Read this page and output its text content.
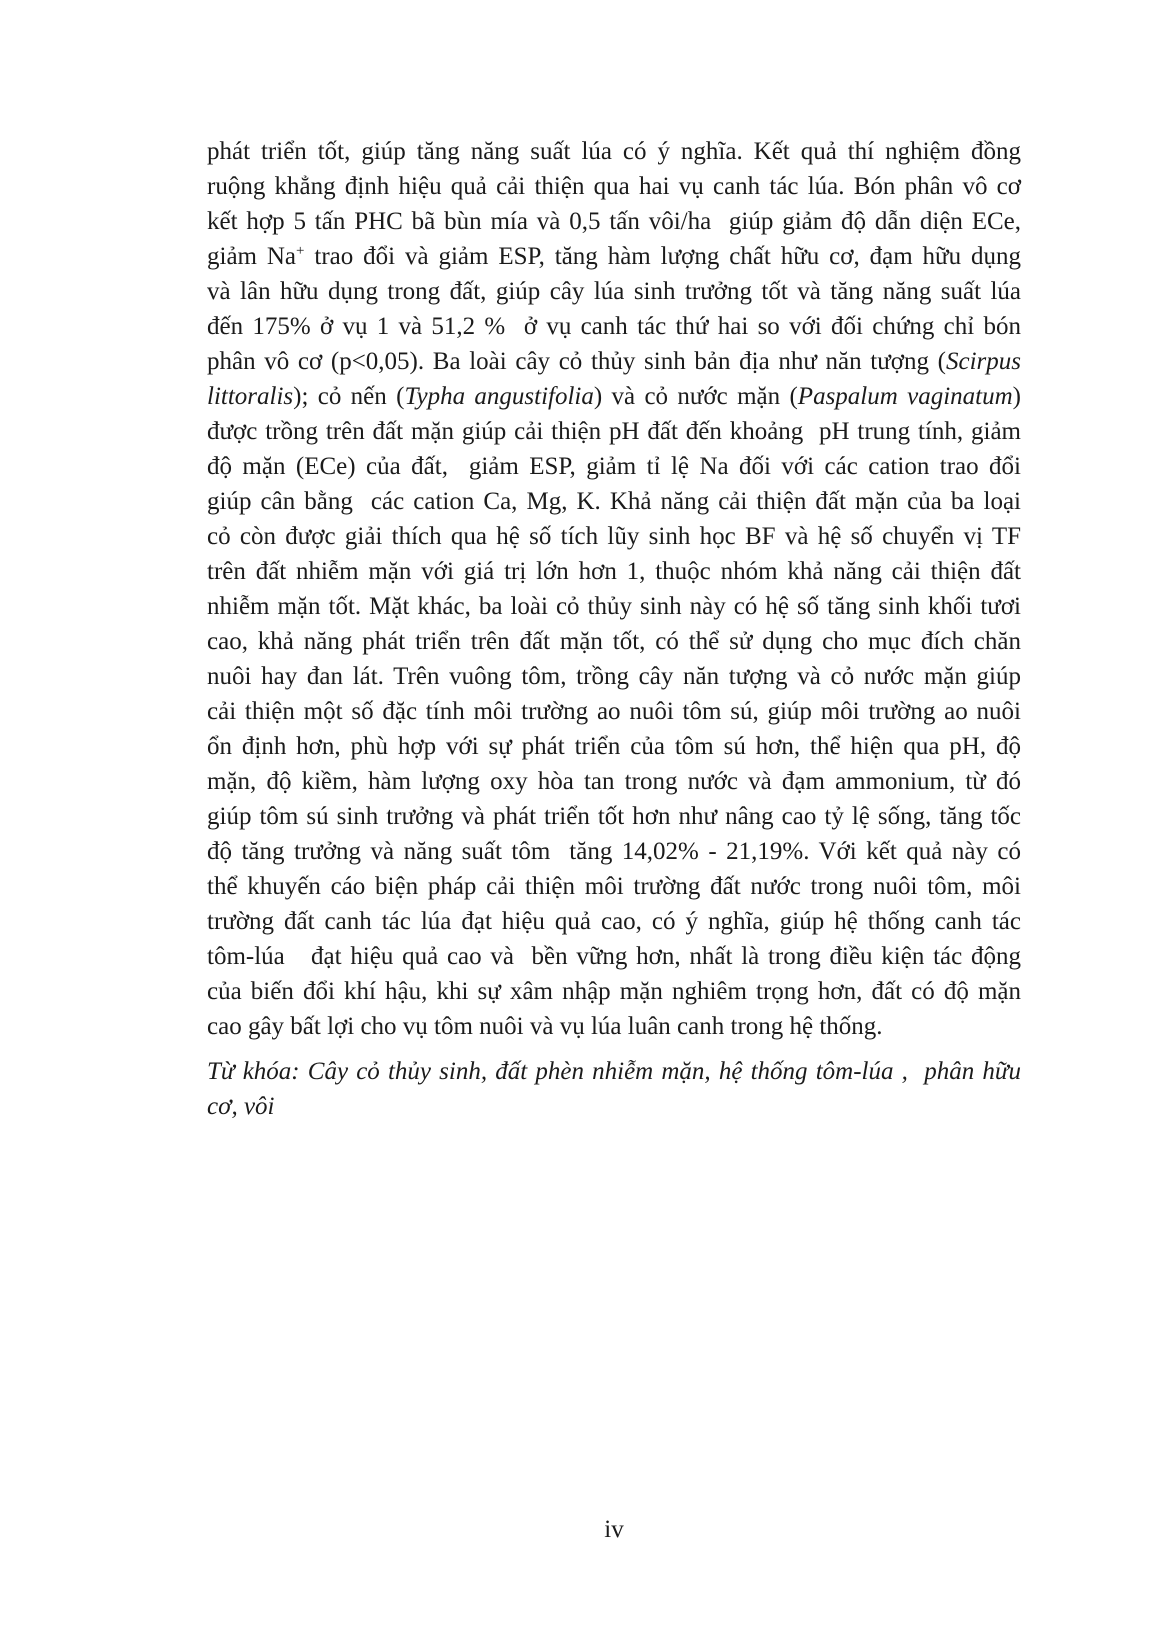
phát triển tốt, giúp tăng năng suất lúa có ý nghĩa. Kết quả thí nghiệm đồng
ruộng khẳng định hiệu quả cải thiện qua hai vụ canh tác lúa. Bón phân vô cơ
kết hợp 5 tấn PHC bã bùn mía và 0,5 tấn vôi/ha  giúp giảm độ dẫn diện ECe,
giảm Na+ trao đổi và giảm ESP, tăng hàm lượng chất hữu cơ, đạm hữu dụng
và lân hữu dụng trong đất, giúp cây lúa sinh trưởng tốt và tăng năng suất lúa
đến 175% ở vụ 1 và 51,2 %  ở vụ canh tác thứ hai so với đối chứng chỉ bón
phân vô cơ (p<0,05). Ba loài cây cỏ thủy sinh bản địa như năn tượng (Scirpus
littoralis); cỏ nến (Typha angustifolia) và cỏ nước mặn (Paspalum vaginatum)
được trồng trên đất mặn giúp cải thiện pH đất đến khoảng  pH trung tính, giảm
độ mặn (ECe) của đất,  giảm ESP, giảm tỉ lệ Na đối với các cation trao đổi
giúp cân bằng  các cation Ca, Mg, K. Khả năng cải thiện đất mặn của ba loại
cỏ còn được giải thích qua hệ số tích lũy sinh học BF và hệ số chuyển vị TF
trên đất nhiễm mặn với giá trị lớn hơn 1, thuộc nhóm khả năng cải thiện đất
nhiễm mặn tốt. Mặt khác, ba loài cỏ thủy sinh này có hệ số tăng sinh khối tươi
cao, khả năng phát triển trên đất mặn tốt, có thể sử dụng cho mục đích chăn
nuôi hay đan lát. Trên vuông tôm, trồng cây năn tượng và cỏ nước mặn giúp
cải thiện một số đặc tính môi trường ao nuôi tôm sú, giúp môi trường ao nuôi
ổn định hơn, phù hợp với sự phát triển của tôm sú hơn, thể hiện qua pH, độ
mặn, độ kiềm, hàm lượng oxy hòa tan trong nước và đạm ammonium, từ đó
giúp tôm sú sinh trưởng và phát triển tốt hơn như nâng cao tỷ lệ sống, tăng tốc
độ tăng trưởng và năng suất tôm  tăng 14,02% - 21,19%. Với kết quả này có
thể khuyến cáo biện pháp cải thiện môi trường đất nước trong nuôi tôm, môi
trường đất canh tác lúa đạt hiệu quả cao, có ý nghĩa, giúp hệ thống canh tác
tôm-lúa   đạt hiệu quả cao và  bền vững hơn, nhất là trong điều kiện tác động
của biến đổi khí hậu, khi sự xâm nhập mặn nghiêm trọng hơn, đất có độ mặn
cao gây bất lợi cho vụ tôm nuôi và vụ lúa luân canh trong hệ thống.
Từ khóa: Cây cỏ thủy sinh, đất phèn nhiễm mặn, hệ thống tôm-lúa ,  phân hữu
cơ, vôi
iv
